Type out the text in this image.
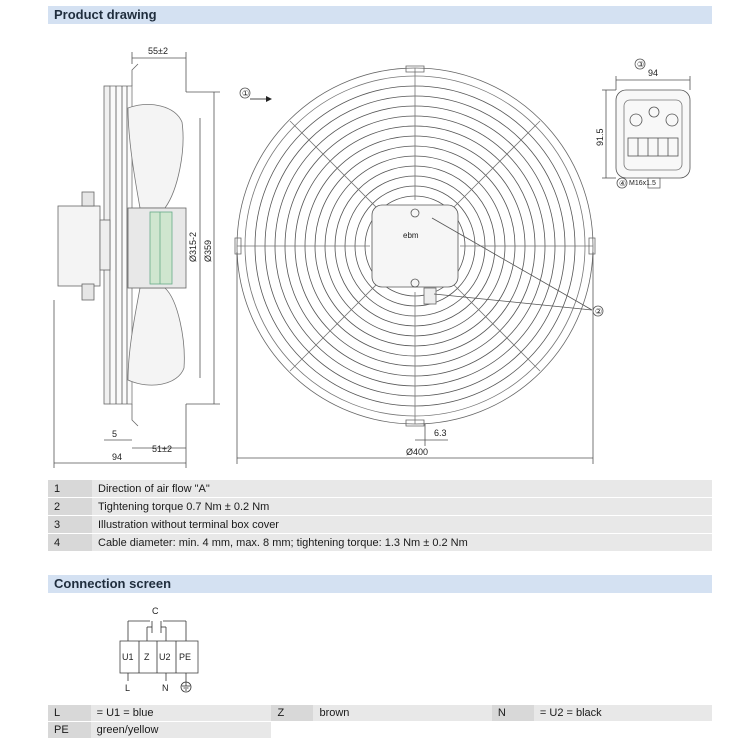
Product drawing
55±2
Ø315-2 Ø359
5
51±2
94
①
ebm
②
6.3
Ø400
③
94
91.5
④ M16x1.5
1	Direction of air flow "A"
2	Tightening torque 0.7 Nm ± 0.2 Nm
3	Illustration without terminal box cover
4	Cable diameter: min. 4 mm, max. 8 mm; tightening torque: 1.3 Nm ± 0.2 Nm
Connection screen
C
U1 Z U2 PE
L	N
L	= U1 = blue	Z	brown	N	= U2 = black
PE	green/yellow				
